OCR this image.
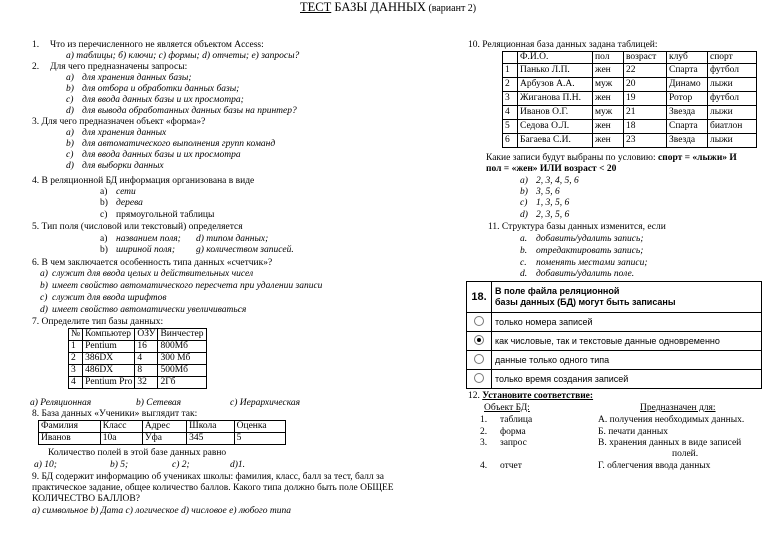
ТЕСТ БАЗЫ ДАННЫХ (вариант 2)
1. Что из перечисленного не является объектом Access:
а) таблицы; б) ключи; с) формы; d) отчеты; е) запросы?
2. Для чего предназначены запросы:
a) для хранения данных базы;
b) для отбора и обработки данных базы;
c) для ввода данных базы и их просмотра;
d) для вывода обработанных данных базы на принтер?
3. Для чего предназначен объект «форма»?
a) для хранения данных
b) для автоматического выполнения групп команд
c) для ввода данных базы и их просмотра
d) для выборки данных
4. В реляционной БД информация организована в виде
а) сети
b) дерева
с) прямоугольной таблицы
5. Тип поля (числовой или текстовый) определяется
а) названием поля; d) типом данных;
b) шириной поля; g) количеством записей.
6. В чем заключается особенность типа данных «счетчик»?
a) служит для ввода целых и действительных чисел
b) имеет свойство автоматического пересчета при удалении записи
c) служит для ввода шрифтов
d) имеет свойство автоматически увеличиваться
7. Определите тип базы данных:
№	Компьютер	ОЗУ	Винчестер
1	Pentium	16	800Мб
2	386DX	4	300 Мб
3	486DX	8	500Мб
4	Pentium Pro	32	2Гб
a) Реляционная	b) Сетевая	c) Иерархическая
8. База данных «Ученики» выглядит так:
Фамилия	Класс	Адрес	Школа	Оценка
Иванов	10а	Уфа	345	5
Количество полей в этой базе данных равно
a) 10;	b) 5;	c) 2;	d)1.
9. БД содержит информацию об учениках школы: фамилия, класс, балл за тест, балл за
практическое задание, общее количество баллов. Какого типа должно быть поле ОБЩЕЕ
КОЛИЧЕСТВО БАЛЛОВ?
a) символьное b) Дата c) логическое d) числовое e) любого типа
10. Реляционная база данных задана таблицей:
	Ф.И.О.	пол	возраст	клуб	спорт
1	Панько Л.П.	жен	22	Спарта	футбол
2	Арбузов А.А.	муж	20	Динамо	лыжи
3	Жиганова П.Н.	жен	19	Ротор	футбол
4	Иванов О.Г.	муж	21	Звезда	лыжи
5	Седова О.Л.	жен	18	Спарта	биатлон
6	Багаева С.И.	жен	23	Звезда	лыжи
Какие записи будут выбраны по условию: спорт = «лыжи» И
пол = «жен» ИЛИ возраст < 20
a) 2, 3, 4, 5, 6
b) 3, 5, 6
c) 1, 3, 5, 6
d) 2, 3, 5, 6
11. Структура базы данных изменится, если
a. добавить/удалить запись;
b. отредактировать запись;
c. поменять местами записи;
d. добавить/удалить поле.
18.	В поле файла реляционной
базы данных (БД) могут быть записаны

	только номера записей
	как числовые, так и текстовые данные одновременно
	данные только одного типа
	только время создания записей
12. Установите соответствие:
Объект БД:	Предназначен для:
1. таблица	А. получения необходимых данных.
2. форма	Б. печати данных
3. запрос	В. хранения данных в виде записей
полей.
4. отчет	Г. облегчения ввода данных
